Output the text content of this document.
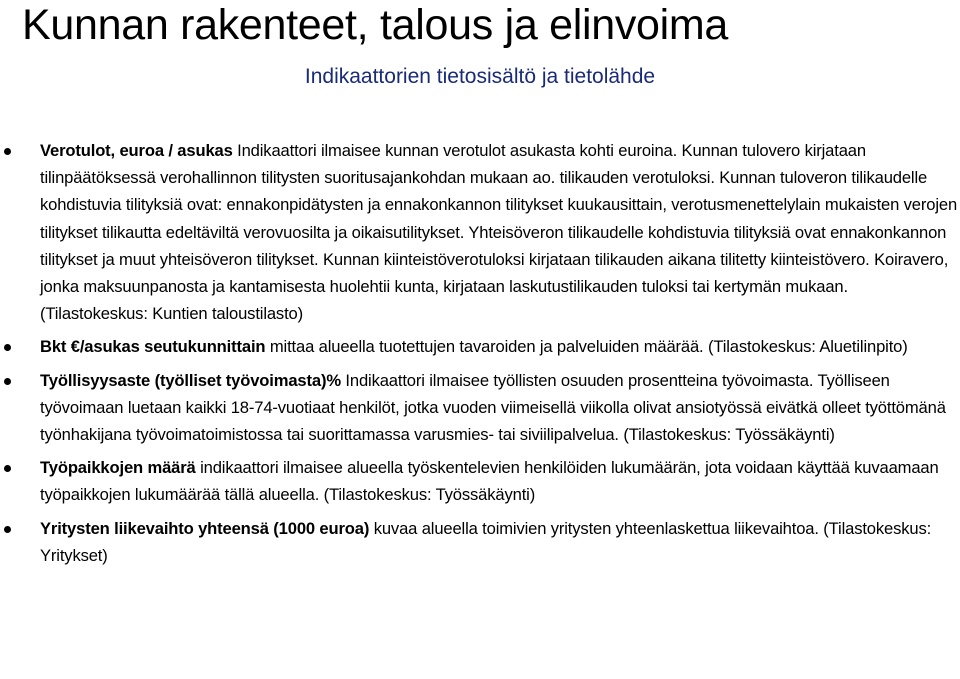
Kunnan rakenteet, talous ja elinvoima
Indikaattorien tietosisältö ja tietolähde
Verotulot, euroa / asukas Indikaattori ilmaisee kunnan verotulot asukasta kohti euroina. Kunnan tulovero kirjataan tilinpäätöksessä verohallinnon tilitysten suoritusajankohdan mukaan ao. tilikauden verotuloksi. Kunnan tuloveron tilikaudelle kohdistuvia tilityksiä ovat: ennakonpidätysten ja ennakonkannon tilitykset kuukausittain, verotusmenettelylain mukaisten verojen tilitykset tilikautta edeltäviltä verovuosilta ja oikaisutilitykset. Yhteisöveron tilikaudelle kohdistuvia tilityksiä ovat ennakonkannon tilitykset ja muut yhteisöveron tilitykset. Kunnan kiinteistöverotuloksi kirjataan tilikauden aikana tilitetty kiinteistövero. Koiravero, jonka maksuunpanosta ja kantamisesta huolehtii kunta, kirjataan laskutustilikauden tuloksi tai kertymän mukaan. (Tilastokeskus: Kuntien taloustilasto)
Bkt €/asukas seutukunnittain mittaa alueella tuotettujen tavaroiden ja palveluiden määrää. (Tilastokeskus: Aluetilinpito)
Työllisyysaste (työlliset työvoimasta)% Indikaattori ilmaisee työllisten osuuden prosentteina työvoimasta. Työlliseen työvoimaan luetaan kaikki 18-74-vuotiaat henkilöt, jotka vuoden viimeisellä viikolla olivat ansiotyössä eivätkä olleet työttömänä työnhakijana työvoimatoimistossa tai suorittamassa varusmies- tai siviilipalvelua. (Tilastokeskus: Työssäkäynti)
Työpaikkojen määrä indikaattori ilmaisee alueella työskentelevien henkilöiden lukumäärän, jota voidaan käyttää kuvaamaan työpaikkojen lukumäärää tällä alueella. (Tilastokeskus: Työssäkäynti)
Yritysten liikevaihto yhteensä (1000 euroa) kuvaa alueella toimivien yritysten yhteenlaskettua liikevaihtoa. (Tilastokeskus: Yritykset)
